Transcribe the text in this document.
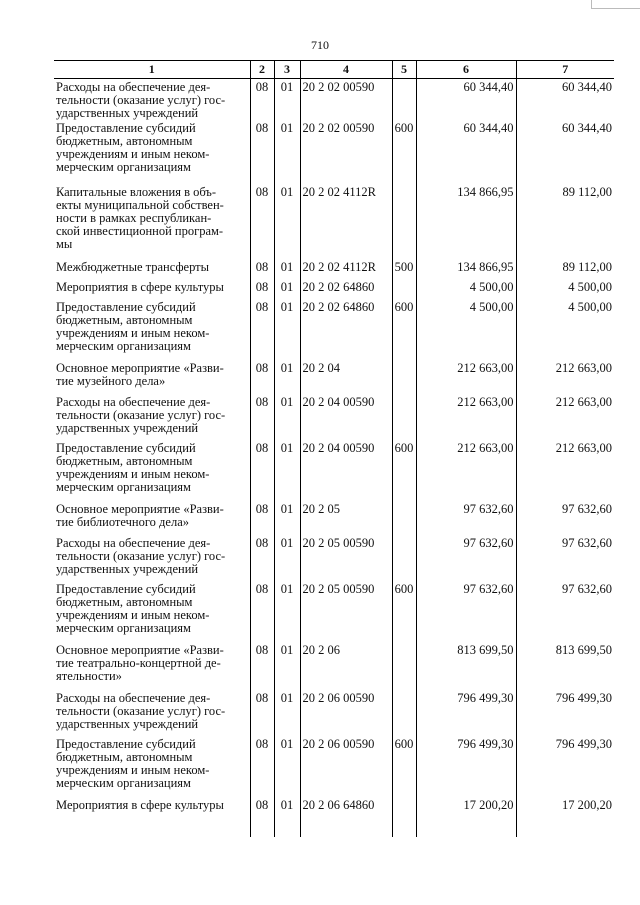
710
1	2	3	4	5	6	7
Расходы на обеспечение дея-
тельности (оказание услуг) гос-
ударственных учреждений	08	01	20 2 02 00590		60 344,40	60 344,40
Предоставление субсидий
бюджетным, автономным
учреждениям и иным неком-
мерческим организациям	08	01	20 2 02 00590	600	60 344,40	60 344,40
Капитальные вложения в объ-
екты муниципальной собствен-
ности в рамках республикан-
ской инвестиционной програм-
мы	08	01	20 2 02 4112R		134 866,95	89 112,00
Межбюджетные трансферты	08	01	20 2 02 4112R	500	134 866,95	89 112,00
Мероприятия в сфере культуры	08	01	20 2 02 64860		4 500,00	4 500,00
Предоставление субсидий
бюджетным, автономным
учреждениям и иным неком-
мерческим организациям	08	01	20 2 02 64860	600	4 500,00	4 500,00
Основное мероприятие «Разви-
тие музейного дела»	08	01	20 2 04		212 663,00	212 663,00
Расходы на обеспечение дея-
тельности (оказание услуг) гос-
ударственных учреждений	08	01	20 2 04 00590		212 663,00	212 663,00
Предоставление субсидий
бюджетным, автономным
учреждениям и иным неком-
мерческим организациям	08	01	20 2 04 00590	600	212 663,00	212 663,00
Основное мероприятие «Разви-
тие библиотечного дела»	08	01	20 2 05		97 632,60	97 632,60
Расходы на обеспечение дея-
тельности (оказание услуг) гос-
ударственных учреждений	08	01	20 2 05 00590		97 632,60	97 632,60
Предоставление субсидий
бюджетным, автономным
учреждениям и иным неком-
мерческим организациям	08	01	20 2 05 00590	600	97 632,60	97 632,60
Основное мероприятие «Разви-
тие театрально-концертной де-
ятельности»	08	01	20 2 06		813 699,50	813 699,50
Расходы на обеспечение дея-
тельности (оказание услуг) гос-
ударственных учреждений	08	01	20 2 06 00590		796 499,30	796 499,30
Предоставление субсидий
бюджетным, автономным
учреждениям и иным неком-
мерческим организациям	08	01	20 2 06 00590	600	796 499,30	796 499,30
Мероприятия в сфере культуры	08	01	20 2 06 64860		17 200,20	17 200,20
